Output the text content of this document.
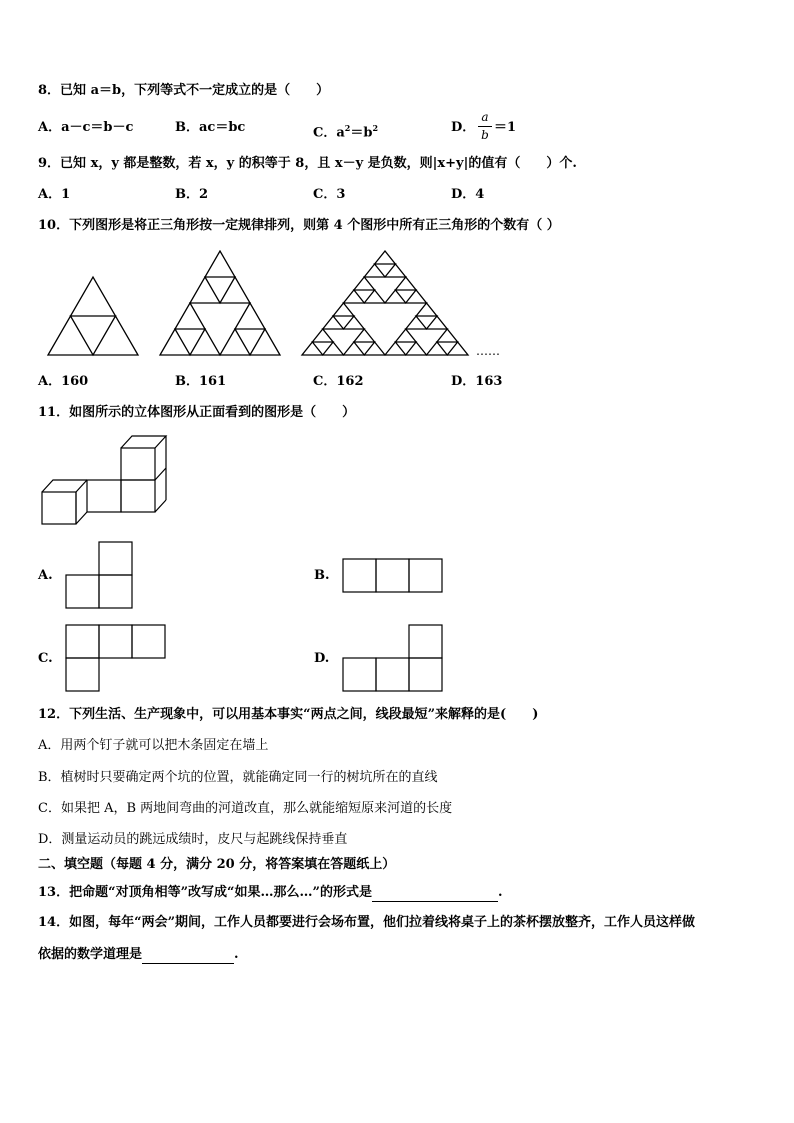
8．已知 a＝b，下列等式不一定成立的是（　　）
A．a－c＝b－c	B．ac＝bc	C．$a^2=b^2$	D．
a
b ＝1
9．已知 x，y 都是整数，若 x，y 的积等于 8，且 x－y 是负数，则|x+y|的值有（　　）个.
A．1	B．2	C．3	D．4
10．下列图形是将正三角形按一定规律排列，则第 4 个图形中所有正三角形的个数有（ ）
……
A．160	B．161	C．162	D．163
11．如图所示的立体图形从正面看到的图形是（　　）
A.	B.
C.	D.
12．下列生活、生产现象中，可以用基本事实“两点之间，线段最短”来解释的是(　　)
A．用两个钉子就可以把木条固定在墙上
B．植树时只要确定两个坑的位置，就能确定同一行的树坑所在的直线
C．如果把 A，B 两地间弯曲的河道改直，那么就能缩短原来河道的长度
D．测量运动员的跳远成绩时，皮尺与起跳线保持垂直
二、填空题（每题 4 分，满分 20 分，将答案填在答题纸上）
13．把命题“对顶角相等”改写成“如果…那么…”的形式是	.
14．如图，每年“两会”期间，工作人员都要进行会场布置，他们拉着线将桌子上的茶杯摆放整齐，工作人员这样做
依据的数学道理是	.
